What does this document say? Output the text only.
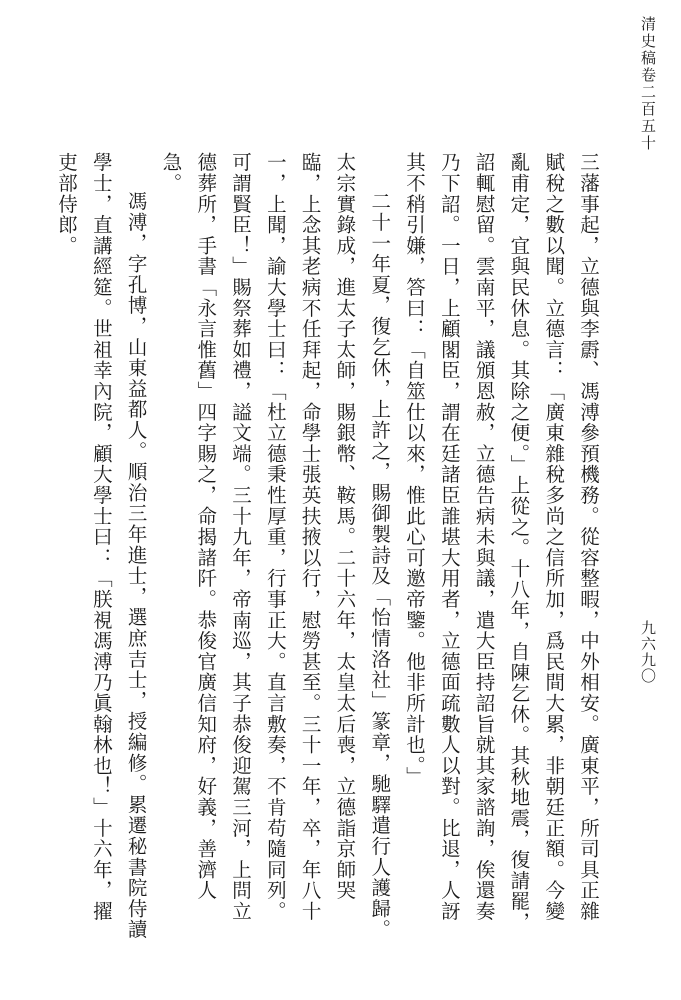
清史稿卷二百五十
九六九〇

三藩事起，立德與李霨、馮溥參預機務。從容整暇，中外相安。廣東平，所司具正雜賦稅之數以聞。立德言：「廣東雜稅多尚之信所加，爲民間大累，非朝廷正額。今變亂甫定，宜與民休息。其除之便。」上從之。十八年，自陳乞休。其秋地震，復請罷，詔輒慰留。雲南平，議頒恩赦，立德告病未與議，遣大臣持詔旨就其家諮詢，俟還奏乃下詔。一日，上顧閣臣，謂在廷諸臣誰堪大用者，立德面疏數人以對。比退，人訝其不稍引嫌，答曰：「自筮仕以來，惟此心可邀帝鑒。他非所計也。」

二十一年夏，復乞休，上許之，賜御製詩及「怡情洛社」篆章，馳驛遣行人護歸。太宗實錄成，進太子太師，賜銀幣、鞍馬。二十六年，太皇太后喪，立德詣京師哭臨，上念其老病不任拜起，命學士張英扶掖以行，慰勞甚至。三十一年，卒，年八十一，上聞，諭大學士曰：「杜立德秉性厚重，行事正大。直言敷奏，不肯苟隨同列。可謂賢臣！」賜祭葬如禮，謚文端。三十九年，帝南巡，其子恭俊迎駕三河，上問立德葬所，手書「永言惟舊」四字賜之，命揭諸阡。恭俊官廣信知府，好義，善濟人急。

馮溥，字孔博，山東益都人。順治三年進士，選庶吉士，授編修。累遷秘書院侍讀學士，直講經筵。世祖幸內院，顧大學士曰：「朕視馮溥乃眞翰林也！」十六年，擢吏部侍郎。
